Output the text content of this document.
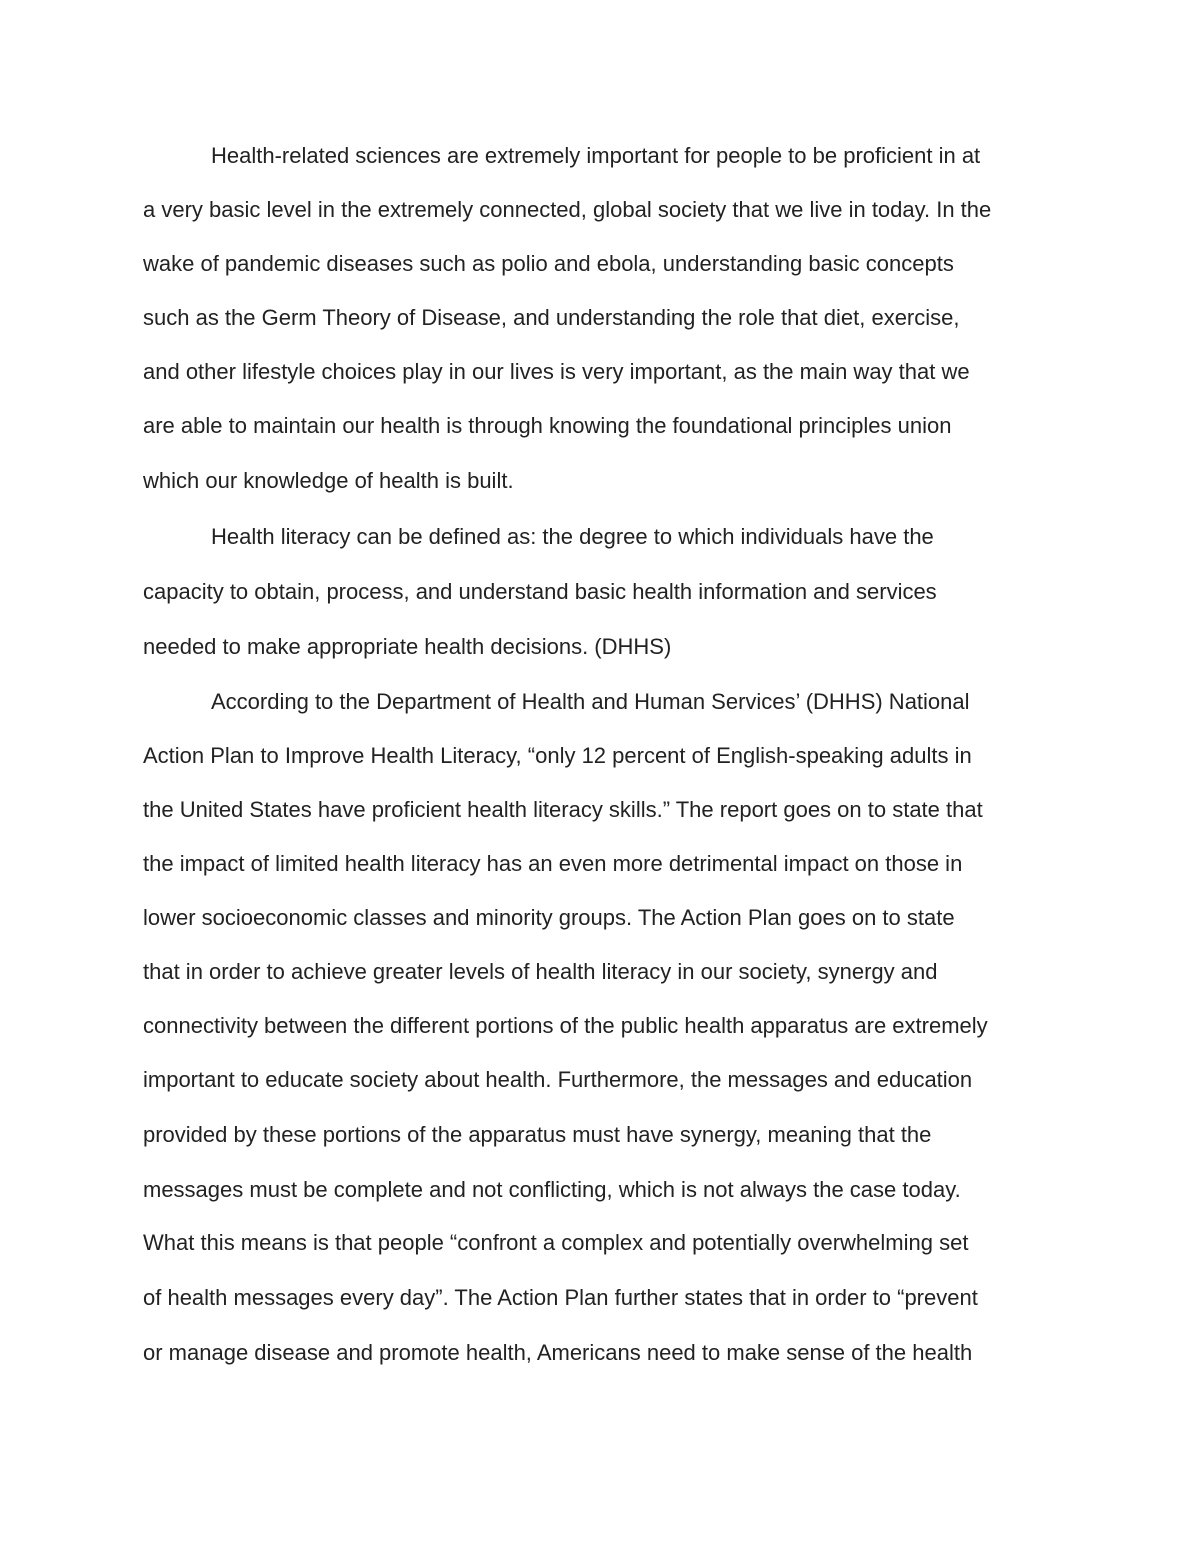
Health-related sciences are extremely important for people to be proficient in at
a very basic level in the extremely connected, global society that we live in today. In the
wake of pandemic diseases such as polio and ebola, understanding basic concepts
such as the Germ Theory of Disease, and understanding the role that diet, exercise,
and other lifestyle choices play in our lives is very important, as the main way that we
are able to maintain our health is through knowing the foundational principles union
which our knowledge of health is built.
Health literacy can be defined as: the degree to which individuals have the
capacity to obtain, process, and understand basic health information and services
needed to make appropriate health decisions. (DHHS)
According to the Department of Health and Human Services’ (DHHS) National
Action Plan to Improve Health Literacy, “only 12 percent of English-speaking adults in
the United States have proficient health literacy skills.” The report goes on to state that
the impact of limited health literacy has an even more detrimental impact on those in
lower socioeconomic classes and minority groups. The Action Plan goes on to state
that in order to achieve greater levels of health literacy in our society, synergy and
connectivity between the different portions of the public health apparatus are extremely
important to educate society about health. Furthermore, the messages and education
provided by these portions of the apparatus must have synergy, meaning that the
messages must be complete and not conflicting, which is not always the case today.
What this means is that people “confront a complex and potentially overwhelming set
of health messages every day”. The Action Plan further states that in order to “prevent
or manage disease and promote health, Americans need to make sense of the health
